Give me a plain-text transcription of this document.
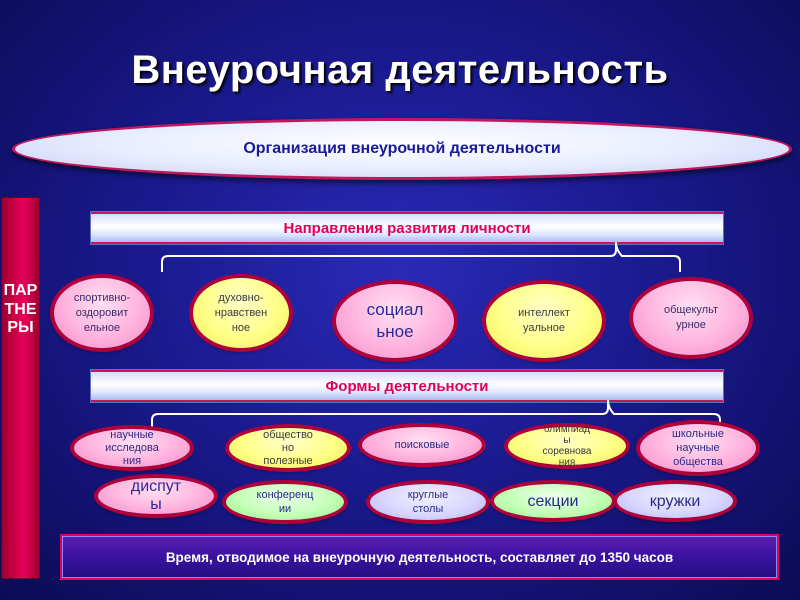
Внеурочная деятельность
Организация внеурочной деятельности
ПАРТНЕРЫ
Направления развития личности
спортивно-
оздоровит
ельное
духовно-
нравствен
ное
социал
ьное
интеллект
уальное
общекульт
урное
Формы деятельности
научные
исследова
ния
общество
но
полезные
поисковые
олимпиад
ы
соревнова
ния
школьные
научные
общества
диспут
ы
конференц
ии
круглые
столы	секции	кружки
Время, отводимое на внеурочную деятельность, составляет до 1350 часов
